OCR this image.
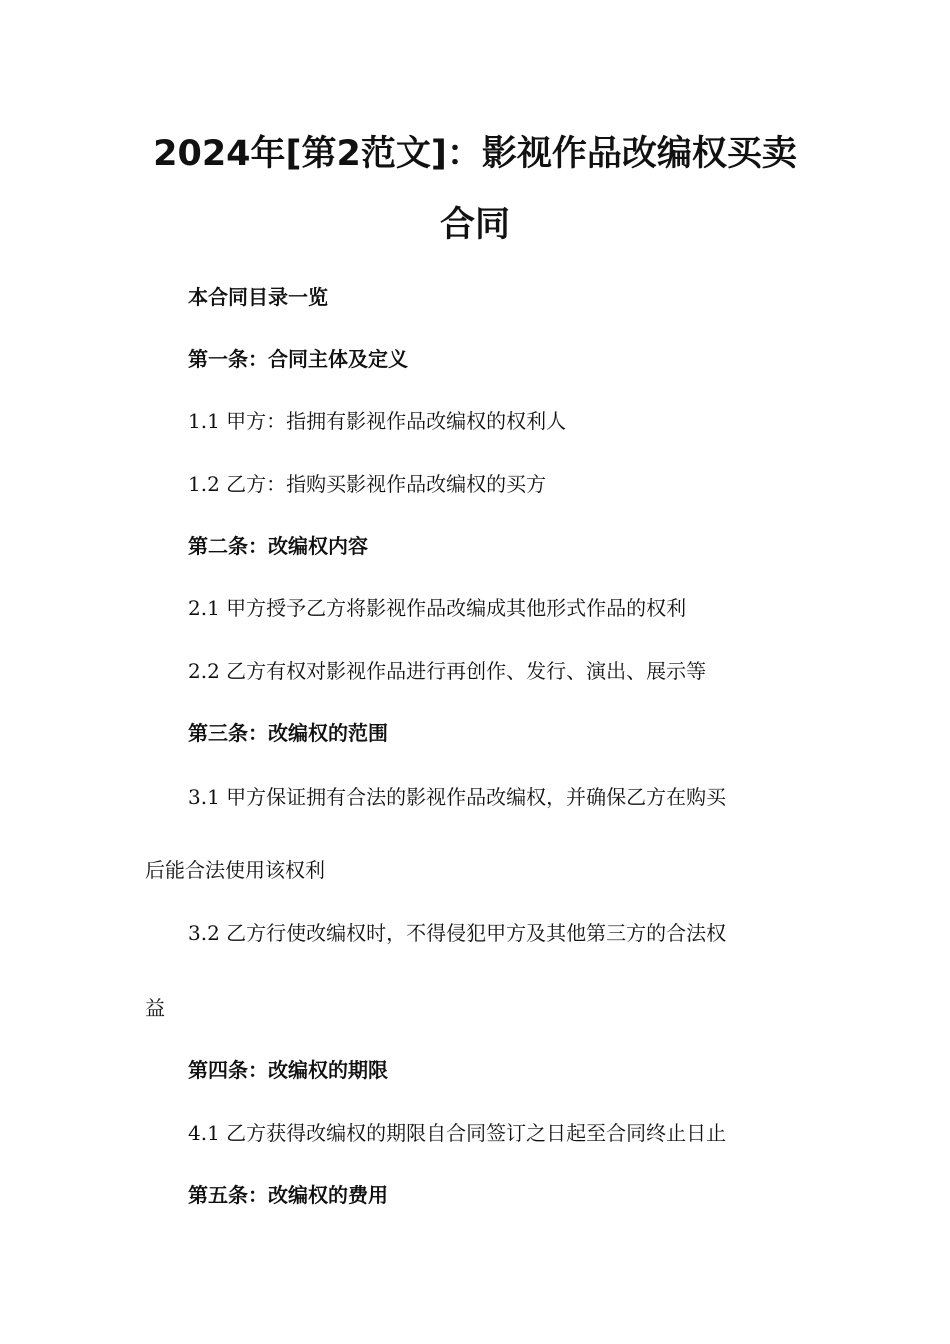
2024年[第2范文]：影视作品改编权买卖
合同
本合同目录一览
第一条：合同主体及定义
1.1 甲方：指拥有影视作品改编权的权利人
1.2 乙方：指购买影视作品改编权的买方
第二条：改编权内容
2.1 甲方授予乙方将影视作品改编成其他形式作品的权利
2.2 乙方有权对影视作品进行再创作、发行、演出、展示等
第三条：改编权的范围
3.1 甲方保证拥有合法的影视作品改编权，并确保乙方在购买
后能合法使用该权利
3.2 乙方行使改编权时，不得侵犯甲方及其他第三方的合法权
益
第四条：改编权的期限
4.1 乙方获得改编权的期限自合同签订之日起至合同终止日止
第五条：改编权的费用
